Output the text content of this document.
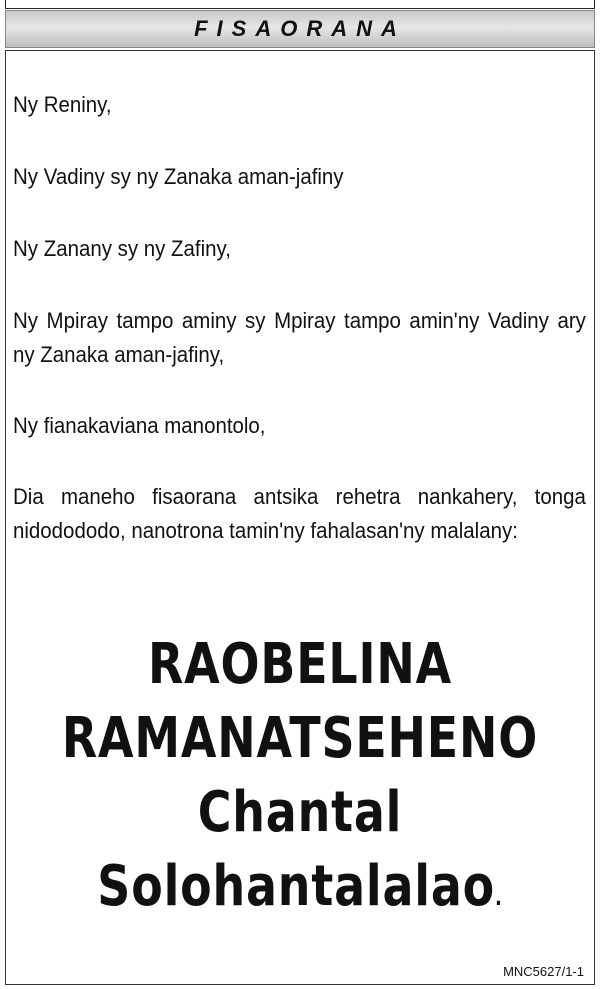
FISAORANA
Ny Reniny,
Ny Vadiny sy ny Zanaka aman-jafiny
Ny Zanany sy ny Zafiny,
Ny Mpiray tampo aminy sy Mpiray tampo amin'ny Vadiny ary ny Zanaka aman-jafiny,
Ny fianakaviana manontolo,
Dia maneho fisaorana antsika rehetra nankahery, tonga nidodododo, nanotrona tamin'ny fahalasan'ny malalany:
RAOBELINA
RAMANATSEHENO
Chantal
Solohantalalao.
MNC5627/1-1
